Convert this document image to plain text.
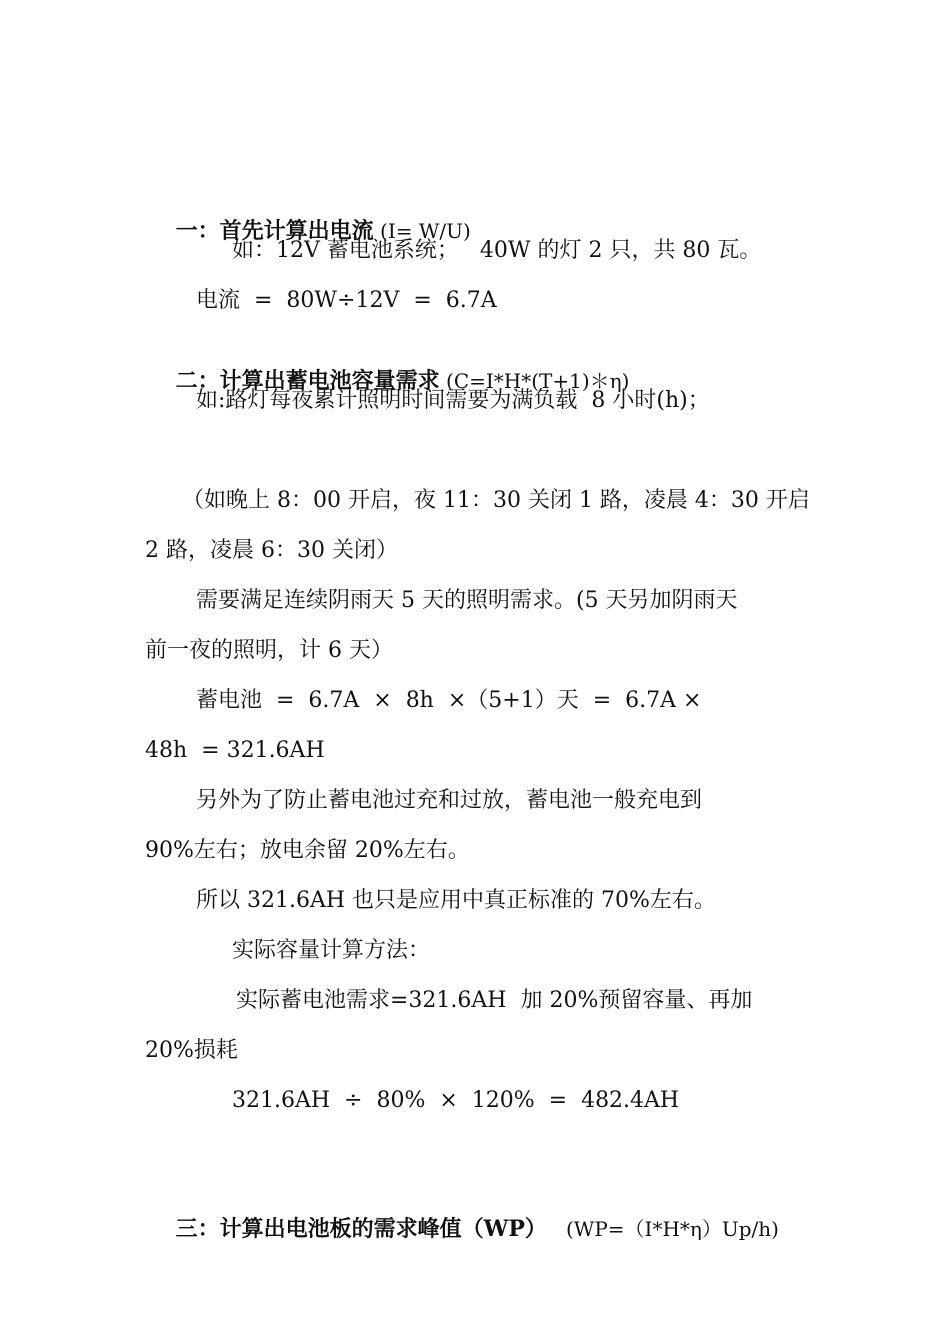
一：首先计算出电流 (I= W/U)

如：12V 蓄电池系统；   40W 的灯 2 只，共 80 瓦。
电流  =  80W÷12V  =  6.7A

二：计算出蓄电池容量需求 (C=I*H*(T+1)＊η)

如:路灯每夜累计照明时间需要为满负载  8 小时(h)；
（如晚上 8：00 开启，夜 11：30 关闭 1 路，凌晨 4：30 开启
2 路，凌晨 6：30 关闭）
需要满足连续阴雨天 5 天的照明需求。(5 天另加阴雨天
前一夜的照明，计 6 天）
蓄电池  =  6.7A  ×  8h  ×（5+1）天  =  6.7A ×
48h  = 321.6AH
另外为了防止蓄电池过充和过放，蓄电池一般充电到
90%左右；放电余留 20%左右。
所以 321.6AH 也只是应用中真正标准的 70%左右。
实际容量计算方法：
实际蓄电池需求=321.6AH  加 20%预留容量、再加
20%损耗
321.6AH  ÷  80%  ×  120%  =  482.4AH

三：计算出电池板的需求峰值（WP）   (WP=（I*H*η）Up/h)
